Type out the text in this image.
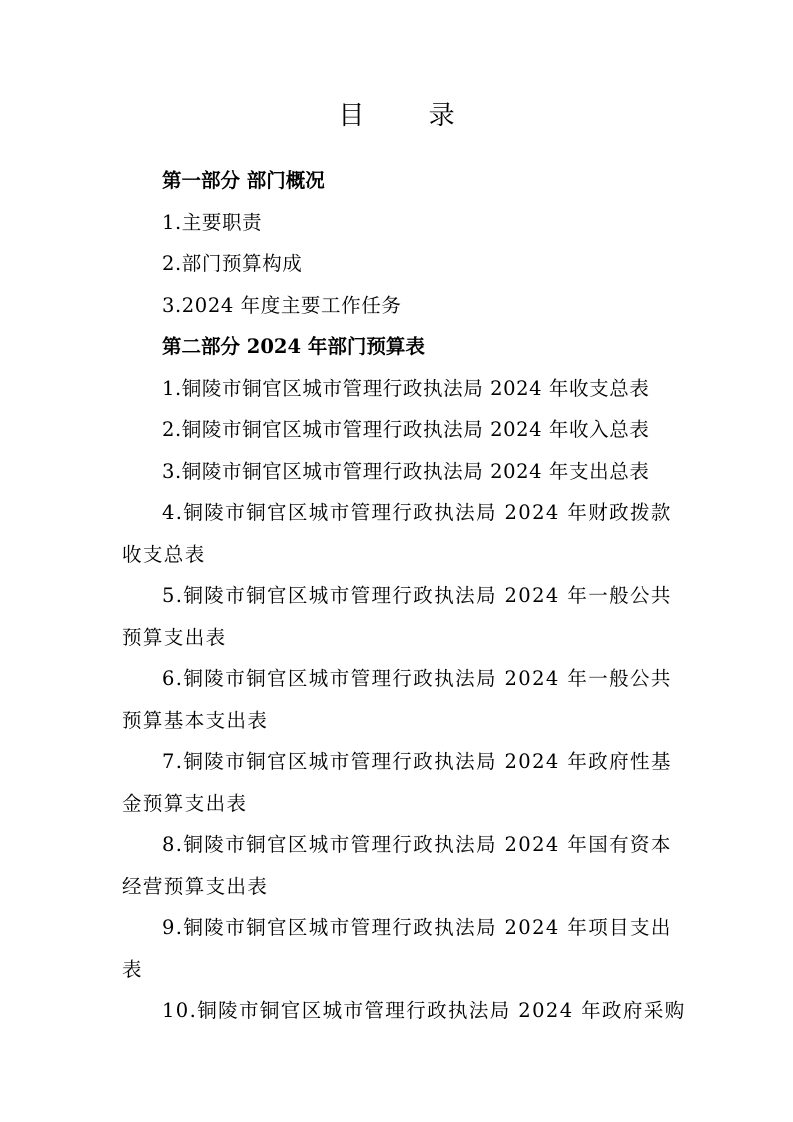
目 录

第一部分 部门概况

1.主要职责

2.部门预算构成

3.2024 年度主要工作任务

第二部分 2024 年部门预算表

1.铜陵市铜官区城市管理行政执法局 2024 年收支总表

2.铜陵市铜官区城市管理行政执法局 2024 年收入总表

3.铜陵市铜官区城市管理行政执法局 2024 年支出总表

4.铜陵市铜官区城市管理行政执法局 2024 年财政拨款
收支总表
5.铜陵市铜官区城市管理行政执法局 2024 年一般公共
预算支出表
6.铜陵市铜官区城市管理行政执法局 2024 年一般公共
预算基本支出表
7.铜陵市铜官区城市管理行政执法局 2024 年政府性基
金预算支出表
8.铜陵市铜官区城市管理行政执法局 2024 年国有资本
经营预算支出表
9.铜陵市铜官区城市管理行政执法局 2024 年项目支出
表
10.铜陵市铜官区城市管理行政执法局 2024 年政府采购
